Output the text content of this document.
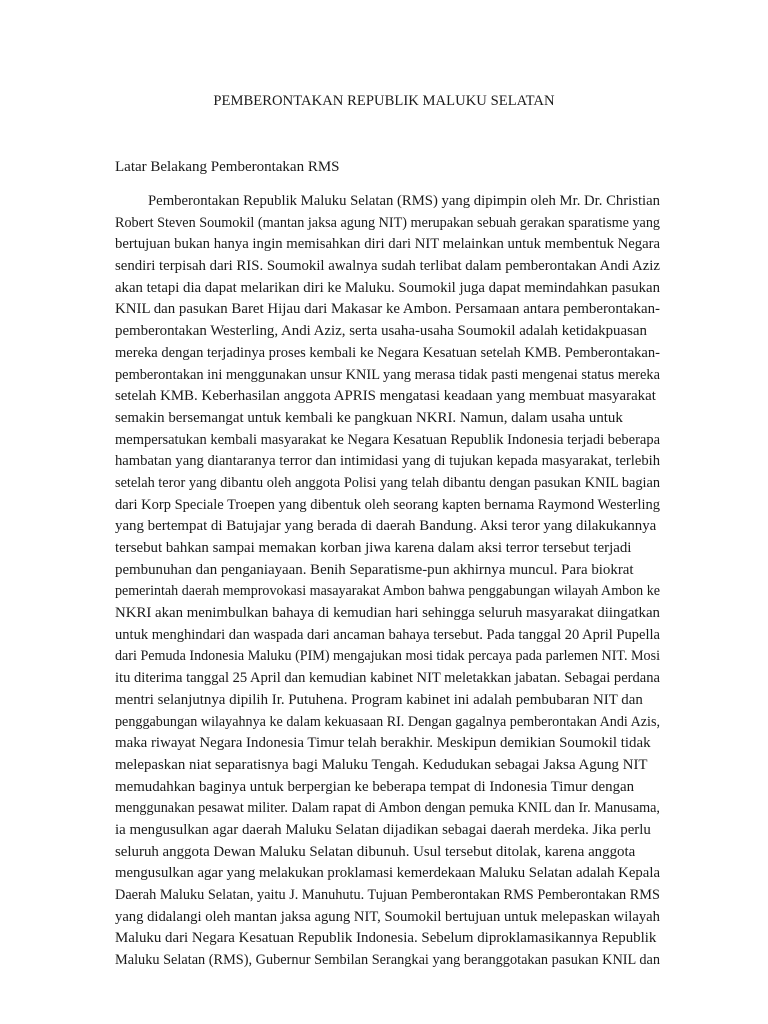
PEMBERONTAKAN REPUBLIK MALUKU SELATAN
Latar Belakang Pemberontakan RMS
Pemberontakan Republik Maluku Selatan (RMS) yang dipimpin oleh Mr. Dr. Christian
Robert Steven Soumokil (mantan jaksa agung NIT) merupakan sebuah gerakan sparatisme yang
bertujuan bukan hanya ingin memisahkan diri dari NIT melainkan untuk membentuk Negara
sendiri terpisah dari RIS. Soumokil awalnya sudah terlibat dalam pemberontakan Andi Aziz
akan tetapi dia dapat melarikan diri ke Maluku. Soumokil juga dapat memindahkan pasukan
KNIL dan pasukan Baret Hijau dari Makasar ke Ambon. Persamaan antara pemberontakan-
pemberontakan Westerling, Andi Aziz, serta usaha-usaha Soumokil adalah ketidakpuasan
mereka dengan terjadinya proses kembali ke Negara Kesatuan setelah KMB. Pemberontakan-
pemberontakan ini menggunakan unsur KNIL yang merasa tidak pasti mengenai status mereka
setelah KMB. Keberhasilan anggota APRIS mengatasi keadaan yang membuat masyarakat
semakin bersemangat untuk kembali ke pangkuan NKRI. Namun, dalam usaha untuk
mempersatukan kembali masyarakat ke Negara Kesatuan Republik Indonesia terjadi beberapa
hambatan yang diantaranya terror dan intimidasi yang di tujukan kepada masyarakat, terlebih
setelah teror yang dibantu oleh anggota Polisi yang telah dibantu dengan pasukan KNIL bagian
dari Korp Speciale Troepen yang dibentuk oleh seorang kapten bernama Raymond Westerling
yang bertempat di Batujajar yang berada di daerah Bandung. Aksi teror yang dilakukannya
tersebut bahkan sampai memakan korban jiwa karena dalam aksi terror tersebut terjadi
pembunuhan dan penganiayaan. Benih Separatisme-pun akhirnya muncul. Para biokrat
pemerintah daerah memprovokasi masayarakat Ambon bahwa penggabungan wilayah Ambon ke
NKRI akan menimbulkan bahaya di kemudian hari sehingga seluruh masyarakat diingatkan
untuk menghindari dan waspada dari ancaman bahaya tersebut. Pada tanggal 20 April Pupella
dari Pemuda Indonesia Maluku (PIM) mengajukan mosi tidak percaya pada parlemen NIT. Mosi
itu diterima tanggal 25 April dan kemudian kabinet NIT meletakkan jabatan. Sebagai perdana
mentri selanjutnya dipilih Ir. Putuhena. Program kabinet ini adalah pembubaran NIT dan
penggabungan wilayahnya ke dalam kekuasaan RI. Dengan gagalnya pemberontakan Andi Azis,
maka riwayat Negara Indonesia Timur telah berakhir. Meskipun demikian Soumokil tidak
melepaskan niat separatisnya bagi Maluku Tengah. Kedudukan sebagai Jaksa Agung NIT
memudahkan baginya untuk berpergian ke beberapa tempat di Indonesia Timur dengan
menggunakan pesawat militer. Dalam rapat di Ambon dengan pemuka KNIL dan Ir. Manusama,
ia mengusulkan agar daerah Maluku Selatan dijadikan sebagai daerah merdeka. Jika perlu
seluruh anggota Dewan Maluku Selatan dibunuh. Usul tersebut ditolak, karena anggota
mengusulkan agar yang melakukan proklamasi kemerdekaan Maluku Selatan adalah Kepala
Daerah Maluku Selatan, yaitu J. Manuhutu. Tujuan Pemberontakan RMS Pemberontakan RMS
yang didalangi oleh mantan jaksa agung NIT, Soumokil bertujuan untuk melepaskan wilayah
Maluku dari Negara Kesatuan Republik Indonesia. Sebelum diproklamasikannya Republik
Maluku Selatan (RMS), Gubernur Sembilan Serangkai yang beranggotakan pasukan KNIL dan
